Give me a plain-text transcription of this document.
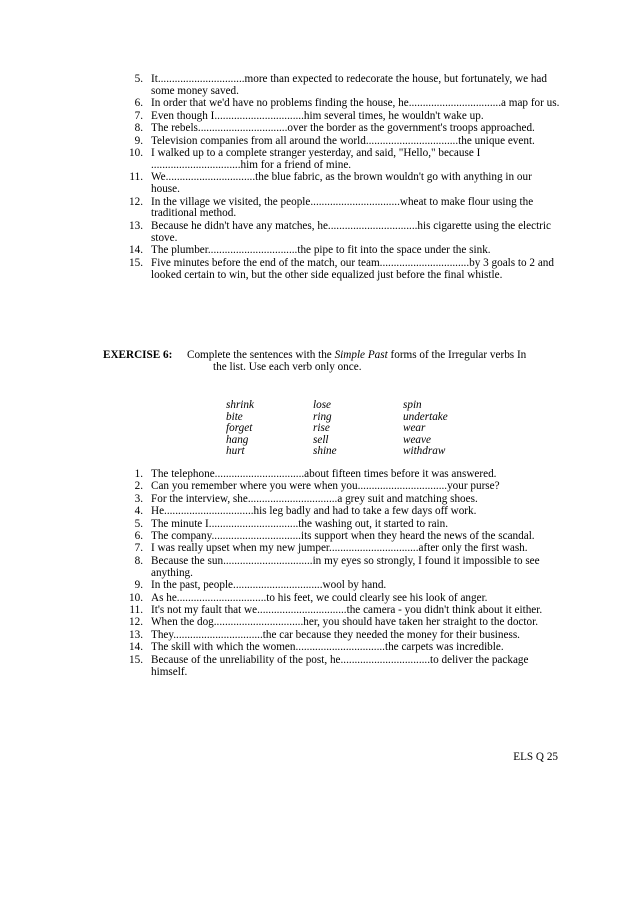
5. It...............................more than expected to redecorate the house, but fortunately, we had some money saved.
6. In order that we'd have no problems finding the house, he.................................a map for us.
7. Even though I................................him several times, he wouldn't wake up.
8. The rebels................................over the border as the government's troops approached.
9. Television companies from all around the world.................................the unique event.
10. I walked up to a complete stranger yesterday, and said, "Hello," because I ................................him for a friend of mine.
11. We................................the blue fabric, as the brown wouldn't go with anything in our house.
12. In the village we visited, the people................................wheat to make flour using the traditional method.
13. Because he didn't have any matches, he................................his cigarette using the electric stove.
14. The plumber................................the pipe to fit into the space under the sink.
15. Five minutes before the end of the match, our team................................by 3 goals to 2 and looked certain to win, but the other side equalized just before the final whistle.
EXERCISE 6: Complete the sentences with the Simple Past forms of the Irregular verbs In
the list. Use each verb only once.
shrink
bite
forget
hang
hurt
lose
ring
rise
sell
shine
spin
undertake
wear
weave
withdraw
1. The telephone................................about fifteen times before it was answered.
2. Can you remember where you were when you................................your purse?
3. For the interview, she................................a grey suit and matching shoes.
4. He................................his leg badly and had to take a few days off work.
5. The minute I................................the washing out, it started to rain.
6. The company................................its support when they heard the news of the scandal.
7. I was really upset when my new jumper................................after only the first wash.
8. Because the sun................................in my eyes so strongly, I found it impossible to see anything.
9. In the past, people................................wool by hand.
10. As he................................to his feet, we could clearly see his look of anger.
11. It's not my fault that we................................the camera - you didn't think about it either.
12. When the dog................................her, you should have taken her straight to the doctor.
13. They................................the car because they needed the money for their business.
14. The skill with which the women................................the carpets was incredible.
15. Because of the unreliability of the post, he................................to deliver the package himself.
ELS Q 25
